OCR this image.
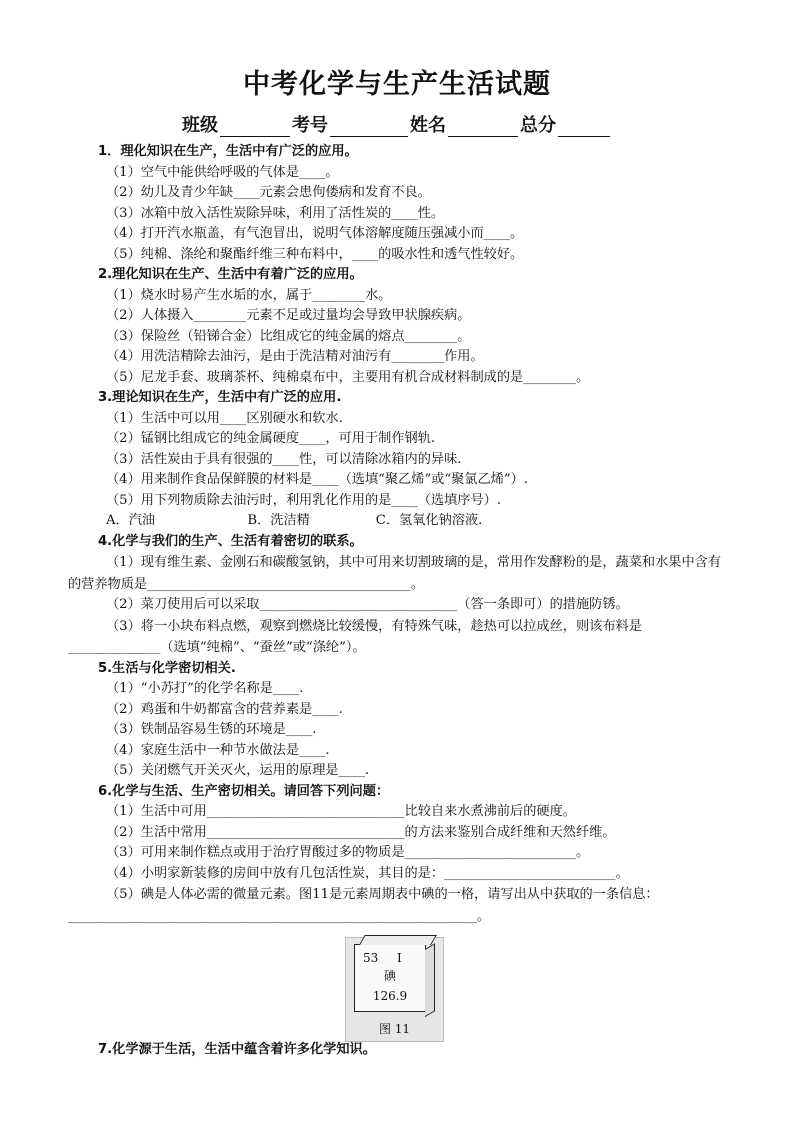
中考化学与生产生活试题
班级	考号	姓名	总分

1．理化知识在生产，生活中有广泛的应用。

（1）空气中能供给呼吸的气体是____。

（2）幼儿及青少年缺____元素会患佝偻病和发育不良。

（3）冰箱中放入活性炭除异味，利用了活性炭的____性。

（4）打开汽水瓶盖，有气泡冒出，说明气体溶解度随压强减小而____。

（5）纯棉、涤纶和聚酯纤维三种布料中，____的吸水性和透气性较好。

2.理化知识在生产、生活中有着广泛的应用。

（1）烧水时易产生水垢的水，属于________水。

（2）人体摄入________元素不足或过量均会导致甲状腺疾病。

（3）保险丝（铅锑合金）比组成它的纯金属的熔点________。

（4）用洗洁精除去油污，是由于洗洁精对油污有________作用。

（5）尼龙手套、玻璃茶杯、纯棉桌布中，主要用有机合成材料制成的是________。

3.理论知识在生产，生活中有广泛的应用.

（1）生活中可以用____区别硬水和软水.

（2）锰钢比组成它的纯金属硬度____，可用于制作钢轨.

（3）活性炭由于具有很强的____性，可以清除冰箱内的异味.

（4）用来制作食品保鲜膜的材料是____（选填“聚乙烯”或“聚氯乙烯”）.

（5）用下列物质除去油污时，利用乳化作用的是____（选填序号）.

A．汽油　　　　　　　B．洗洁精　　　　　C．氢氧化钠溶液.

4.化学与我们的生产、生活有着密切的联系。

（1）现有维生素、金刚石和碳酸氢钠，其中可用来切割玻璃的是，常用作发酵粉的是，蔬菜和水果中含有的营养物质是________________________________________。

（2）菜刀使用后可以采取______________________________（答一条即可）的措施防锈。

（3）将一小块布料点燃，观察到燃烧比较缓慢，有特殊气味，趁热可以拉成丝，则该布料是______________（选填“纯棉”、“蚕丝”或“涤纶”）。

5.生活与化学密切相关.

（1）“小苏打”的化学名称是____.

（2）鸡蛋和牛奶都富含的营养素是____.

（3）铁制品容易生锈的环境是____.

（4）家庭生活中一种节水做法是____.

（5）关闭燃气开关灭火，运用的原理是____.

6.化学与生活、生产密切相关。请回答下列问题：

（1）生活中可用______________________________比较自来水煮沸前后的硬度。

（2）生活中常用______________________________的方法来鉴别合成纤维和天然纤维。

（3）可用来制作糕点或用于治疗胃酸过多的物质是__________________________。

（4）小明家新装修的房间中放有几包活性炭，其目的是：__________________________。

（5）碘是人体必需的微量元素。图11是元素周期表中碘的一格，请写出从中获取的一条信息：______________________________________________________________。

53 I
碘
126.9
图 11

7.化学源于生活，生活中蕴含着许多化学知识。
